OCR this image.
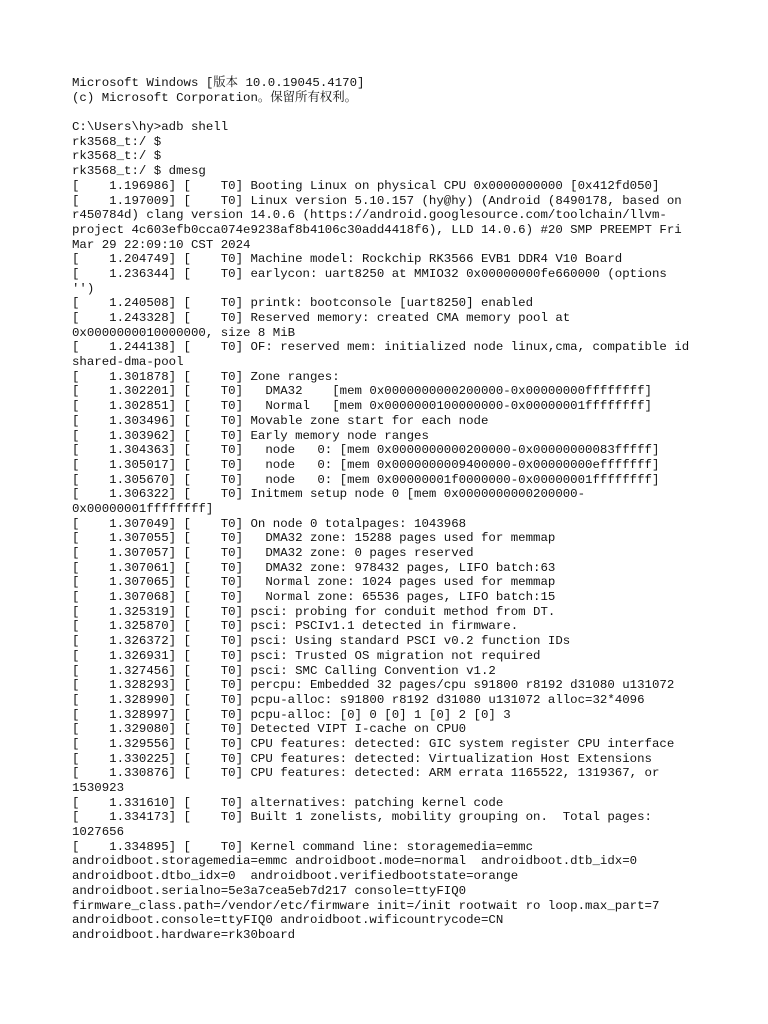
Microsoft Windows [版本 10.0.19045.4170]
(c) Microsoft Corporation。保留所有权利。
C:\Users\hy>adb shell
rk3568_t:/ $
rk3568_t:/ $
rk3568_t:/ $ dmesg
[    1.196986] [    T0] Booting Linux on physical CPU 0x0000000000 [0x412fd050]
[    1.197009] [    T0] Linux version 5.10.157 (hy@hy) (Android (8490178, based on
r450784d) clang version 14.0.6 (https://android.googlesource.com/toolchain/llvm-
project 4c603efb0cca074e9238af8b4106c30add4418f6), LLD 14.0.6) #20 SMP PREEMPT Fri
Mar 29 22:09:10 CST 2024
[    1.204749] [    T0] Machine model: Rockchip RK3566 EVB1 DDR4 V10 Board
[    1.236344] [    T0] earlycon: uart8250 at MMIO32 0x00000000fe660000 (options
'')
[    1.240508] [    T0] printk: bootconsole [uart8250] enabled
[    1.243328] [    T0] Reserved memory: created CMA memory pool at
0x0000000010000000, size 8 MiB
[    1.244138] [    T0] OF: reserved mem: initialized node linux,cma, compatible id
shared-dma-pool
[    1.301878] [    T0] Zone ranges:
[    1.302201] [    T0]   DMA32    [mem 0x0000000000200000-0x00000000ffffffff]
[    1.302851] [    T0]   Normal   [mem 0x0000000100000000-0x00000001ffffffff]
[    1.303496] [    T0] Movable zone start for each node
[    1.303962] [    T0] Early memory node ranges
[    1.304363] [    T0]   node   0: [mem 0x0000000000200000-0x00000000083fffff]
[    1.305017] [    T0]   node   0: [mem 0x0000000009400000-0x00000000efffffff]
[    1.305670] [    T0]   node   0: [mem 0x00000001f0000000-0x00000001ffffffff]
[    1.306322] [    T0] Initmem setup node 0 [mem 0x0000000000200000-
0x00000001ffffffff]
[    1.307049] [    T0] On node 0 totalpages: 1043968
[    1.307055] [    T0]   DMA32 zone: 15288 pages used for memmap
[    1.307057] [    T0]   DMA32 zone: 0 pages reserved
[    1.307061] [    T0]   DMA32 zone: 978432 pages, LIFO batch:63
[    1.307065] [    T0]   Normal zone: 1024 pages used for memmap
[    1.307068] [    T0]   Normal zone: 65536 pages, LIFO batch:15
[    1.325319] [    T0] psci: probing for conduit method from DT.
[    1.325870] [    T0] psci: PSCIv1.1 detected in firmware.
[    1.326372] [    T0] psci: Using standard PSCI v0.2 function IDs
[    1.326931] [    T0] psci: Trusted OS migration not required
[    1.327456] [    T0] psci: SMC Calling Convention v1.2
[    1.328293] [    T0] percpu: Embedded 32 pages/cpu s91800 r8192 d31080 u131072
[    1.328990] [    T0] pcpu-alloc: s91800 r8192 d31080 u131072 alloc=32*4096
[    1.328997] [    T0] pcpu-alloc: [0] 0 [0] 1 [0] 2 [0] 3
[    1.329080] [    T0] Detected VIPT I-cache on CPU0
[    1.329556] [    T0] CPU features: detected: GIC system register CPU interface
[    1.330225] [    T0] CPU features: detected: Virtualization Host Extensions
[    1.330876] [    T0] CPU features: detected: ARM errata 1165522, 1319367, or
1530923
[    1.331610] [    T0] alternatives: patching kernel code
[    1.334173] [    T0] Built 1 zonelists, mobility grouping on.  Total pages:
1027656
[    1.334895] [    T0] Kernel command line: storagemedia=emmc
androidboot.storagemedia=emmc androidboot.mode=normal  androidboot.dtb_idx=0
androidboot.dtbo_idx=0  androidboot.verifiedbootstate=orange
androidboot.serialno=5e3a7cea5eb7d217 console=ttyFIQ0
firmware_class.path=/vendor/etc/firmware init=/init rootwait ro loop.max_part=7
androidboot.console=ttyFIQ0 androidboot.wificountrycode=CN
androidboot.hardware=rk30board
